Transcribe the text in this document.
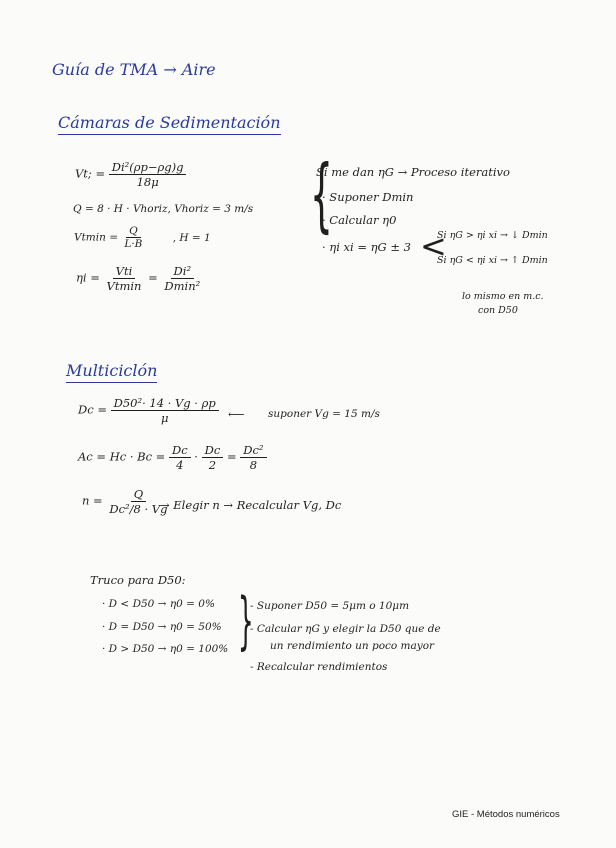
Guía de TMA → Aire
Cámaras de Sedimentación
Vt; = $\frac{\text{Di²(ρp−ρg)g}}{18\mu}$
Q = 8 · H · Vhoriz, Vhoriz = 3 m/s
$Vtmin = \frac{Q}{L\cdot B}$	, H = 1
$\eta i = \frac{\text{Vti}}{Vtmin} = \frac{\text{Di²}}{\text{Dmin²}}$
{
Si me dan ηG → Proceso iterativo
· Suponer Dmin
· Calcular η0
· ηi xi = ηG ± 3 <
Si ηG > ηi xi → ↓ Dmin
Si ηG < ηi xi → ↑ Dmin
lo mismo en m.c.
con D50
Multiciclón
$Dc = \frac{\text{D50²· 14 · Vg · ρp}}{\mu}$ ⟵ suponer Vg = 15 m/s
$Ac = Hc \cdot Bc = \frac{Dc}{4} \cdot \frac{Dc}{2} = \frac{\text{Dc²}}{8}$
$n = \frac{Q}{\text{Dc²/8 · Vg}}$
→ Elegir n → Recalcular Vg, Dc
Truco para D50:
· D < D50 → η0 = 0%
· D = D50 → η0 = 50%
· D > D50 → η0 = 100% }
- Suponer D50 = 5μm o 10μm
- Calcular ηG y elegir la D50 que de
un rendimiento un poco mayor
- Recalcular rendimientos
GIE - Métodos numéricos
